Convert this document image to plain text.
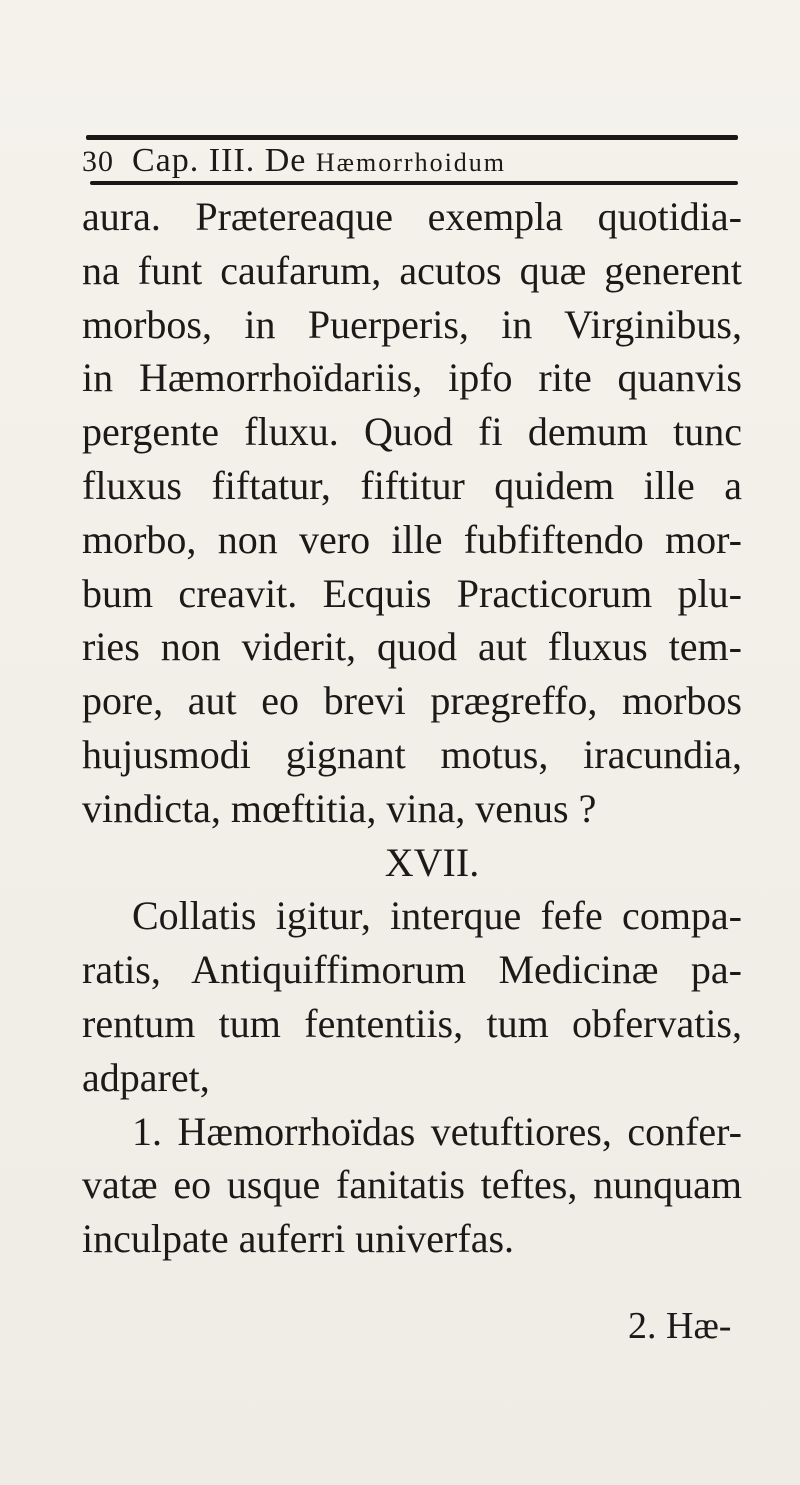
30 Cap. III. De Hæmorrhoidum
aura. Prætereaque exempla quotidia-
na funt caufarum, acutos quæ generent
morbos, in Puerperis, in Virginibus,
in Hæmorrhoïdariis, ipfo rite quanvis
pergente fluxu. Quod fi demum tunc
fluxus fiftatur, fiftitur quidem ille a
morbo, non vero ille fubfiftendo mor-
bum creavit. Ecquis Practicorum plu-
ries non viderit, quod aut fluxus tem-
pore, aut eo brevi prægreffo, morbos
hujusmodi gignant motus, iracundia,
vindicta, mœftitia, vina, venus ?
XVII.
Collatis igitur, interque fefe compa-
ratis, Antiquiffimorum Medicinæ pa-
rentum tum fententiis, tum obfervatis,
adparet,
1. Hæmorrhoïdas vetuftiores, confer-
vatæ eo usque fanitatis teftes, nunquam
inculpate auferri univerfas.
2. Hæ-
